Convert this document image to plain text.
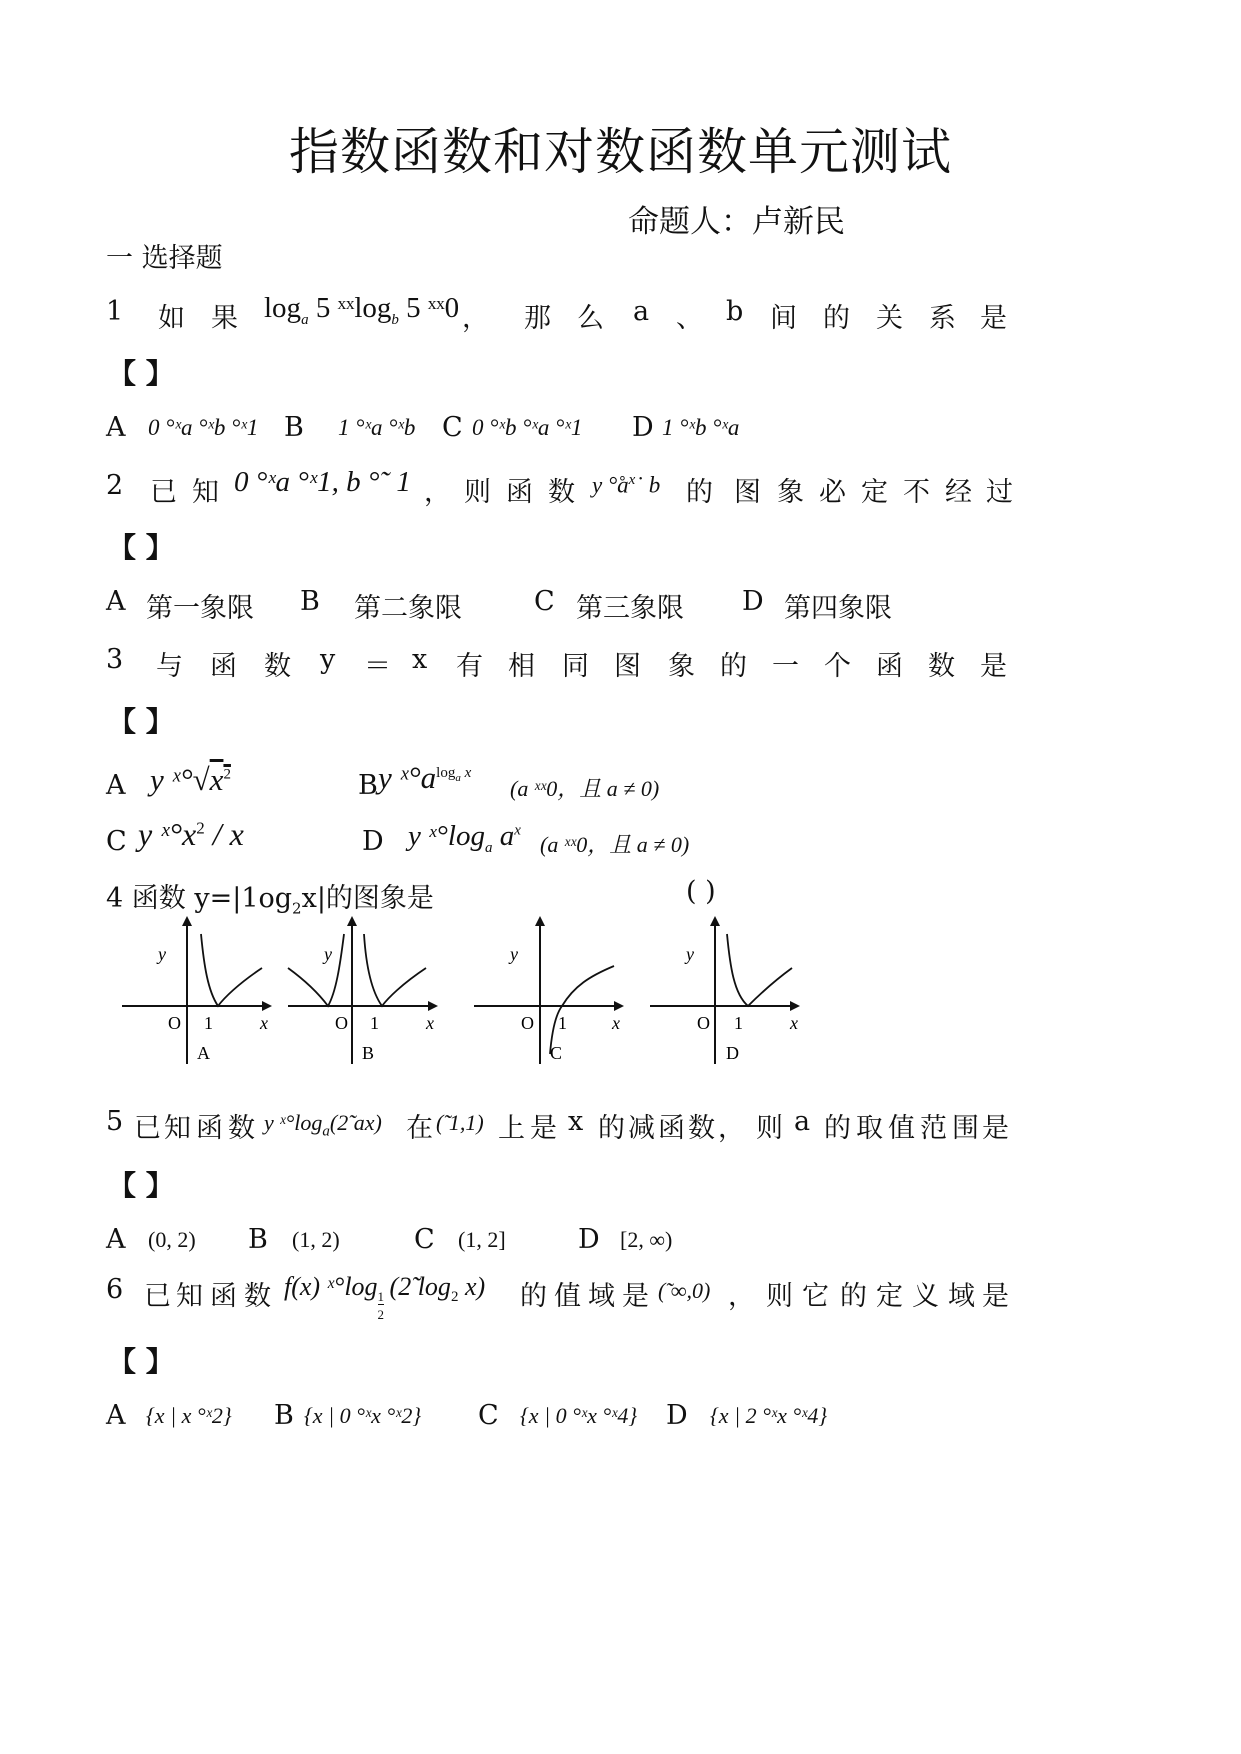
指数函数和对数函数单元测试
命题人：卢新民
一 选择题
1 如 果 $\log_a 5$ ˣˣlog$_b$ 5 ˣˣ0 ， 那 么 a 、 b 间 的 关 系 是
【 】
A 0 °ˣa °ˣb °ˣ1 B 1 °ˣa °ˣb C 0 °ˣb °ˣa °ˣ1 D 1 °ˣb °ˣa
2 已 知 0 °ˣa °ˣ1, b °˜ 1 ， 则 函 数 y $^\circ̊a^x˙$ b 的 图 象 必 定 不 经 过
【 】
A 第一象限 B 第二象限	C 第三象限 D 第四象限
3 与 函 数 y ＝ x 有 相 同 图 象 的 一 个 函 数 是
【 】
A y $ˣ^\circ√x^2$	B y $ˣ^\circ a^{log_a x}$
(a ˣˣ0，且 a ≠ 0)
C y $ˣ^\circ x^2$ / x	D y $ˣ^\circ\log_a$ $a^x$
(a ˣˣ0，且 a ≠ 0)
4 函数 $y=|1og_2x|$的图象是	( )
y
O 1	x
A
y
O 1	x
B
y
O 1	x
C
y
O 1	x
D
5 已 知 函 数 y $ˣ^\circ\log_a(2̃$ ax) 在 (̃ 1,1) 上 是 x 的 减 函 数 ， 则 a 的 取 值 范 围 是
【 】
A (0, 2) B (1, 2)	C (1, 2]	D [2, ∞)
6 已 知 函 数 f(x) ˣ°log $\frac{1}{2}$ (2̃ $\log_2 x$) 的 值 域 是 (̃ ∞,0) ， 则 它 的 定 义 域 是
【 】
A {x | x °ˣ2} B {x | 0 °ˣx °ˣ2} C {x | 0 °ˣx °ˣ4} D {x | 2 °ˣx °ˣ4}
